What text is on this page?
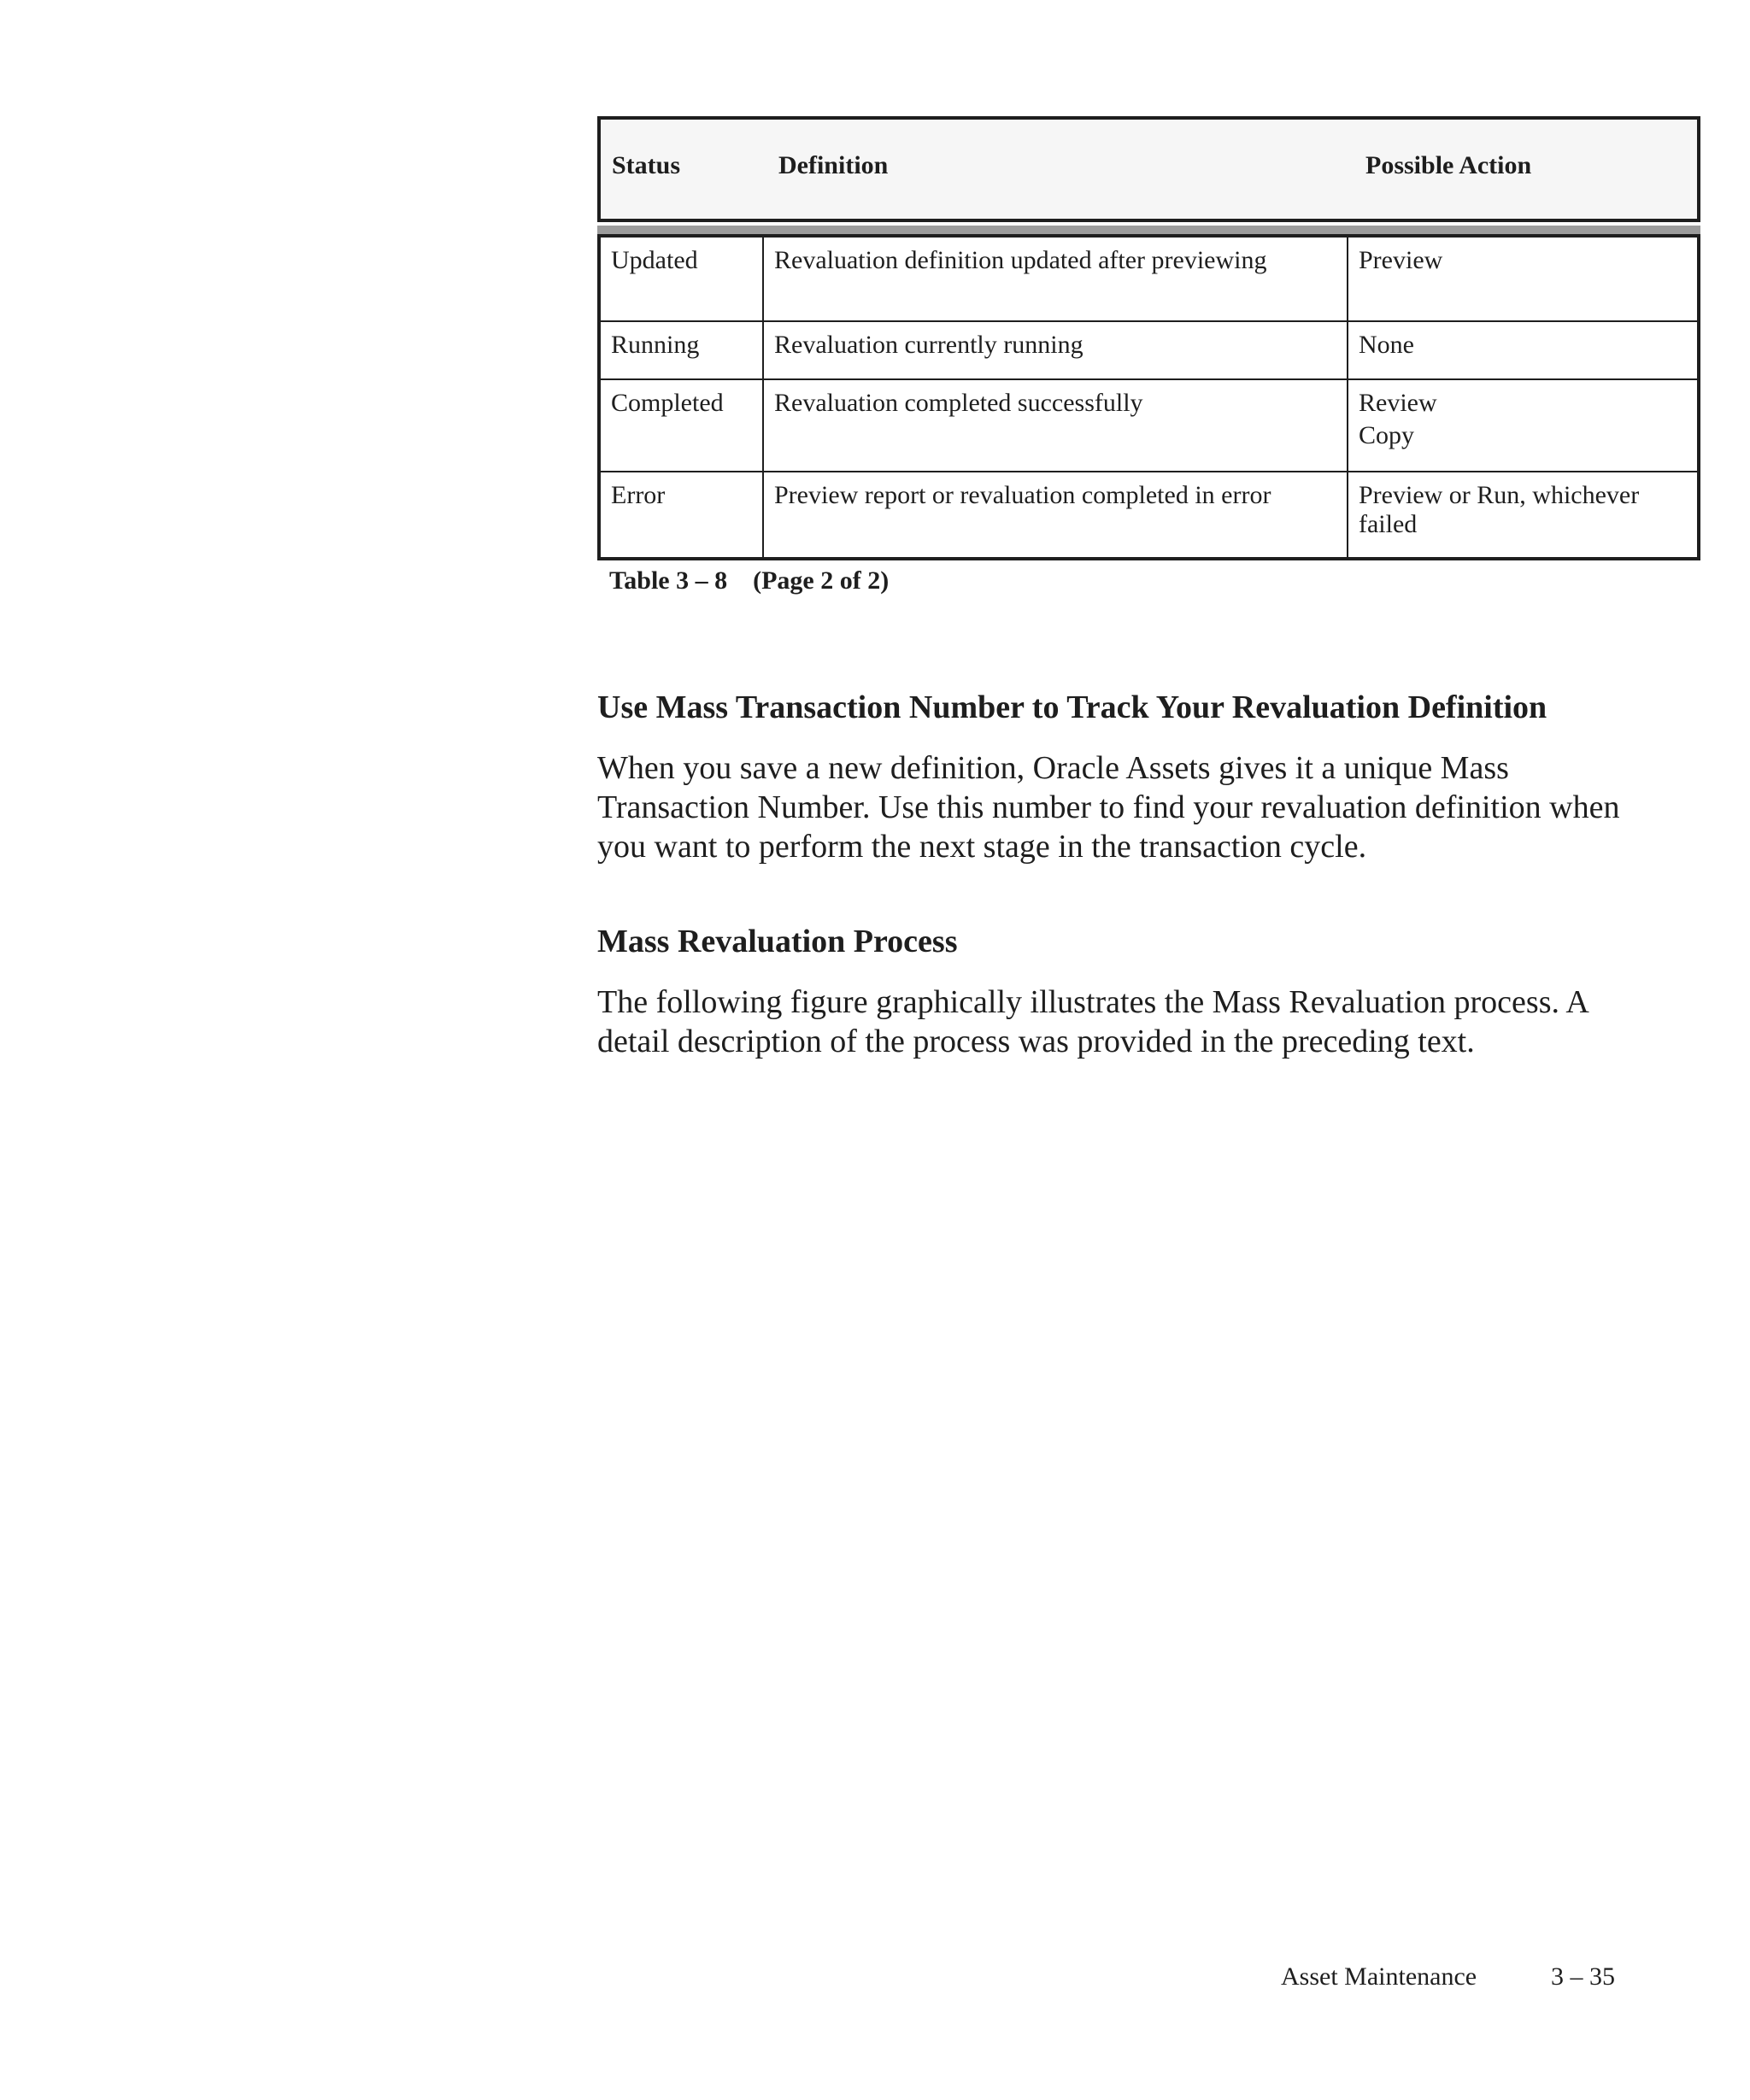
Status	Definition	Possible Action
Updated	Revaluation definition updated after previewing	Preview

Running	Revaluation currently running	None

Completed	Revaluation completed successfully	Review
Copy

Error	Preview report or revaluation completed in error	Preview or Run, whichever failed
Table 3 – 8    (Page 2 of 2)
Use Mass Transaction Number to Track Your Revaluation Definition
When you save a new definition, Oracle Assets gives it a unique Mass Transaction Number. Use this number to find your revaluation definition when you want to perform the next stage in the transaction cycle.
Mass Revaluation Process
The following figure graphically illustrates the Mass Revaluation process. A detail description of the process was provided in the preceding text.
Asset Maintenance	3 – 35
